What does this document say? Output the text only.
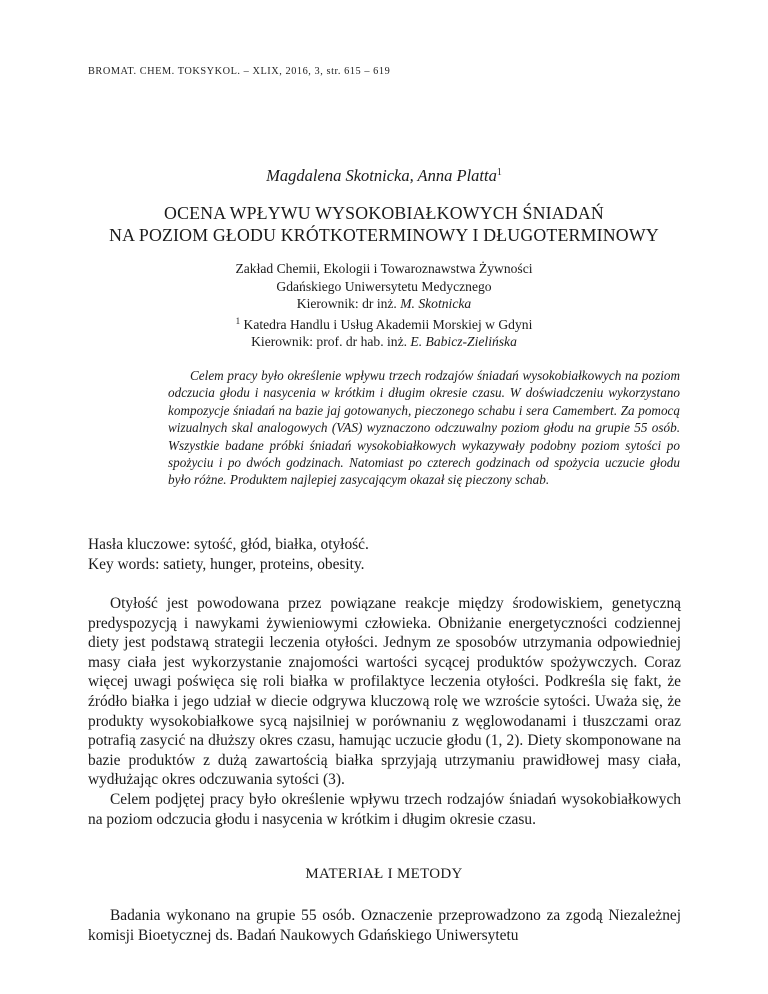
BROMAT. CHEM. TOKSYKOL. – XLIX, 2016, 3, str. 615 – 619
Magdalena Skotnicka, Anna Platta$^1$
OCENA WPŁYWU WYSOKOBIAŁKOWYCH ŚNIADAŃ
NA POZIOM GŁODU KRÓTKOTERMINOWY I DŁUGOTERMINOWY
Zakład Chemii, Ekologii i Towaroznawstwa Żywności
Gdańskiego Uniwersytetu Medycznego
Kierownik: dr inż. M. Skotnicka
$^1$ Katedra Handlu i Usług Akademii Morskiej w Gdyni
Kierownik: prof. dr hab. inż. E. Babicz-Zielińska
Celem pracy było określenie wpływu trzech rodzajów śniadań wysokobiałkowych na poziom odczucia głodu i nasycenia w krótkim i długim okresie czasu. W doświadczeniu wykorzystano kompozycje śniadań na bazie jaj gotowanych, pieczonego schabu i sera Camembert. Za pomocą wizualnych skal analogowych (VAS) wyznaczono odczuwalny poziom głodu na grupie 55 osób. Wszystkie badane próbki śniadań wysokobiałkowych wykazywały podobny poziom sytości po spożyciu i po dwóch godzinach. Natomiast po czterech godzinach od spożycia uczucie głodu było różne. Produktem najlepiej zasycającym okazał się pieczony schab.
Hasła kluczowe: sytość, głód, białka, otyłość.
Key words: satiety, hunger, proteins, obesity.

Otyłość jest powodowana przez powiązane reakcje między środowiskiem, genetyczną predyspozycją i nawykami żywieniowymi człowieka. Obniżanie energetyczności codziennej diety jest podstawą strategii leczenia otyłości. Jednym ze sposobów utrzymania odpowiedniej masy ciała jest wykorzystanie znajomości wartości sycącej produktów spożywczych. Coraz więcej uwagi poświęca się roli białka w profilaktyce leczenia otyłości. Podkreśla się fakt, że źródło białka i jego udział w diecie odgrywa kluczową rolę we wzroście sytości. Uważa się, że produkty wysokobiałkowe sycą najsilniej w porównaniu z węglowodanami i tłuszczami oraz potrafią zasycić na dłuższy okres czasu, hamując uczucie głodu (1, 2). Diety skomponowane na bazie produktów z dużą zawartością białka sprzyjają utrzymaniu prawidłowej masy ciała, wydłużając okres odczuwania sytości (3).

Celem podjętej pracy było określenie wpływu trzech rodzajów śniadań wysokobiałkowych na poziom odczucia głodu i nasycenia w krótkim i długim okresie czasu.

MATERIAŁ I METODY

Badania wykonano na grupie 55 osób. Oznaczenie przeprowadzono za zgodą Niezależnej komisji Bioetycznej ds. Badań Naukowych Gdańskiego Uniwersytetu
